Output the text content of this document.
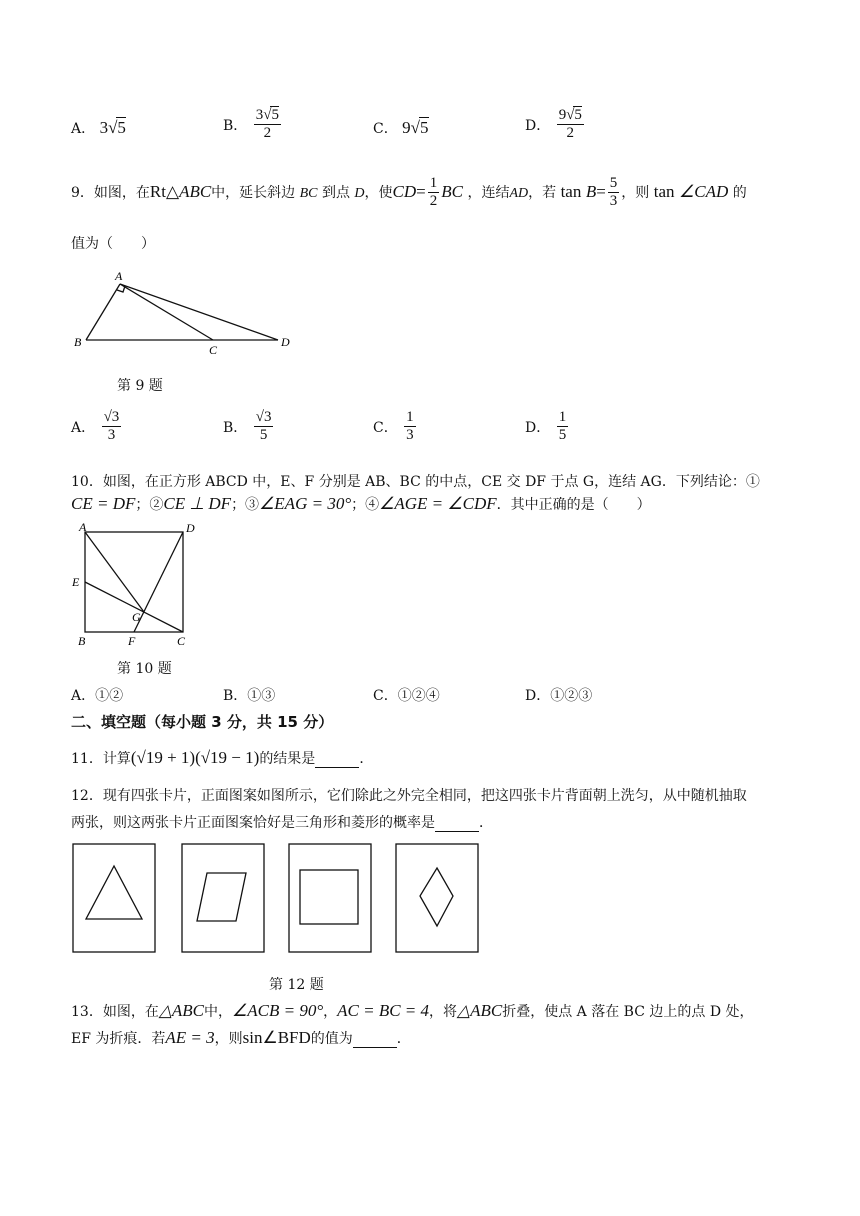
A． 3√5	B． $\frac{3√5}{2}$	C． 9√5	D． $\frac{9√5}{2}$
9．如图，在Rt△ABC中，延长斜边 BC 到点 D，使$CD= \frac{1}{2}$ BC ，连结AD，若 $\tan B= \frac{5}{3}$ ，则 tan ∠CAD 的
值为（　　）
A
B
C
D
第 9 题
A． $\frac{√3}{3}$	B． $\frac{√3}{5}$	C． $\frac{1}{3}$	D． $\frac{1}{5}$
10．如图，在正方形 ABCD 中，E、F 分别是 AB、BC 的中点，CE 交 DF 于点 G，连结 AG．下列结论：①
CE = DF；②CE ⊥ DF；③∠EAG = 30°；④∠AGE = ∠CDF．其中正确的是（　　）
A	D
E
G
B	F	C
第 10 题
A．①②	B．①③	C．①②④	D．①②③
二、填空题（每小题 3 分，共 15 分）
11．计算(√19 + 1)(√19 − 1)的结果是	．
12．现有四张卡片，正面图案如图所示，它们除此之外完全相同，把这四张卡片背面朝上洗匀，从中随机抽取
两张，则这两张卡片正面图案恰好是三角形和菱形的概率是	．
第 12 题
13．如图，在△ABC中，∠ACB = 90°，AC = BC = 4，将△ABC折叠，使点 A 落在 BC 边上的点 D 处，
EF 为折痕．若AE = 3，则sin∠BFD的值为	．
